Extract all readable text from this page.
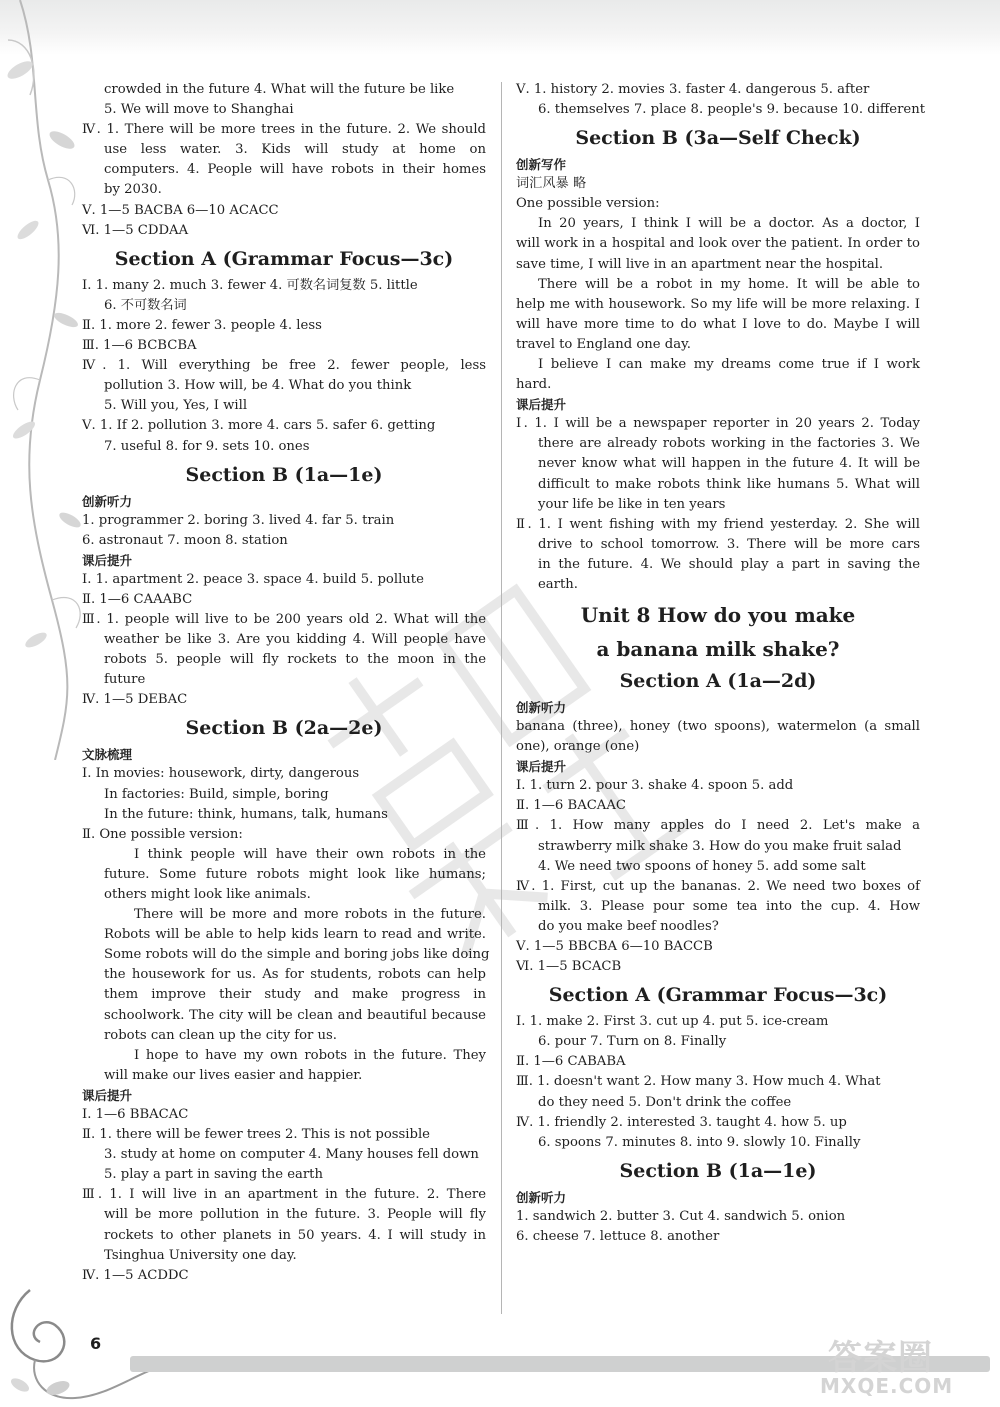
crowded in the future 4. What will the future be like
5. We will move to Shanghai
Ⅳ. 1. There will be more trees in the future. 2. We should
use less water. 3. Kids will study at home on
computers. 4. People will have robots in their homes
by 2030.
Ⅴ. 1—5 BACBA 6—10 ACACC
Ⅵ. 1—5 CDDAA
Section A (Grammar Focus—3c)
Ⅰ. 1. many 2. much 3. fewer 4. 可数名词复数 5. little
6. 不可数名词
Ⅱ. 1. more 2. fewer 3. people 4. less
Ⅲ. 1—6 BCBCBA
Ⅳ. 1. Will everything be free 2. fewer people, less
pollution 3. How will, be 4. What do you think
5. Will you, Yes, I will
Ⅴ. 1. If 2. pollution 3. more 4. cars 5. safer 6. getting
7. useful 8. for 9. sets 10. ones
Section B (1a—1e)
创新听力
1. programmer 2. boring 3. lived 4. far 5. train
6. astronaut 7. moon 8. station
课后提升
Ⅰ. 1. apartment 2. peace 3. space 4. build 5. pollute
Ⅱ. 1—6 CAAABC
Ⅲ. 1. people will live to be 200 years old 2. What will the
weather be like 3. Are you kidding 4. Will people have
robots 5. people will fly rockets to the moon in the
future
Ⅳ. 1—5 DEBAC
Section B (2a—2e)
文脉梳理
Ⅰ. In movies: housework, dirty, dangerous
In factories: Build, simple, boring
In the future: think, humans, talk, humans
Ⅱ. One possible version:
I think people will have their own robots in the
future. Some future robots might look like humans;
others might look like animals.
There will be more and more robots in the future.
Robots will be able to help kids learn to read and write.
Some robots will do the simple and boring jobs like doing
the housework for us. As for students, robots can help
them improve their study and make progress in
schoolwork. The city will be clean and beautiful because
robots can clean up the city for us.
I hope to have my own robots in the future. They
will make our lives easier and happier.
课后提升
Ⅰ. 1—6 BBACAC
Ⅱ. 1. there will be fewer trees 2. This is not possible
3. study at home on computer 4. Many houses fell down
5. play a part in saving the earth
Ⅲ. 1. I will live in an apartment in the future. 2. There
will be more pollution in the future. 3. People will fly
rockets to other planets in 50 years. 4. I will study in
Tsinghua University one day.
Ⅳ. 1—5 ACDDC
Ⅴ. 1. history 2. movies 3. faster 4. dangerous 5. after
6. themselves 7. place 8. people's 9. because 10. different
Section B (3a—Self Check)
创新写作
词汇风暴 略
One possible version:
In 20 years, I think I will be a doctor. As a doctor, I
will work in a hospital and look over the patient. In order to
save time, I will live in an apartment near the hospital.
There will be a robot in my home. It will be able to
help me with housework. So my life will be more relaxing. I
will have more time to do what I love to do. Maybe I will
travel to England one day.
I believe I can make my dreams come true if I work
hard.
课后提升
Ⅰ. 1. I will be a newspaper reporter in 20 years 2. Today
there are already robots working in the factories 3. We
never know what will happen in the future 4. It will be
difficult to make robots think like humans 5. What will
your life be like in ten years
Ⅱ. 1. I went fishing with my friend yesterday. 2. She will
drive to school tomorrow. 3. There will be more cars
in the future. 4. We should play a part in saving the
earth.
Unit 8 How do you make
a banana milk shake?
Section A (1a—2d)
创新听力
banana (three), honey (two spoons), watermelon (a small
one), orange (one)
课后提升
Ⅰ. 1. turn 2. pour 3. shake 4. spoon 5. add
Ⅱ. 1—6 BACAAC
Ⅲ. 1. How many apples do I need 2. Let's make a
strawberry milk shake 3. How do you make fruit salad
4. We need two spoons of honey 5. add some salt
Ⅳ. 1. First, cut up the bananas. 2. We need two boxes of
milk. 3. Please pour some tea into the cup. 4. How
do you make beef noodles?
Ⅴ. 1—5 BBCBA 6—10 BACCB
Ⅵ. 1—5 BCACB
Section A (Grammar Focus—3c)
Ⅰ. 1. make 2. First 3. cut up 4. put 5. ice-cream
6. pour 7. Turn on 8. Finally
Ⅱ. 1—6 CABABA
Ⅲ. 1. doesn't want 2. How many 3. How much 4. What
do they need 5. Don't drink the coffee
Ⅳ. 1. friendly 2. interested 3. taught 4. how 5. up
6. spoons 7. minutes 8. into 9. slowly 10. Finally
Section B (1a—1e)
创新听力
1. sandwich 2. butter 3. Cut 4. sandwich 5. onion
6. cheese 7. lettuce 8. another
6	答案圈
MXQE.COM
